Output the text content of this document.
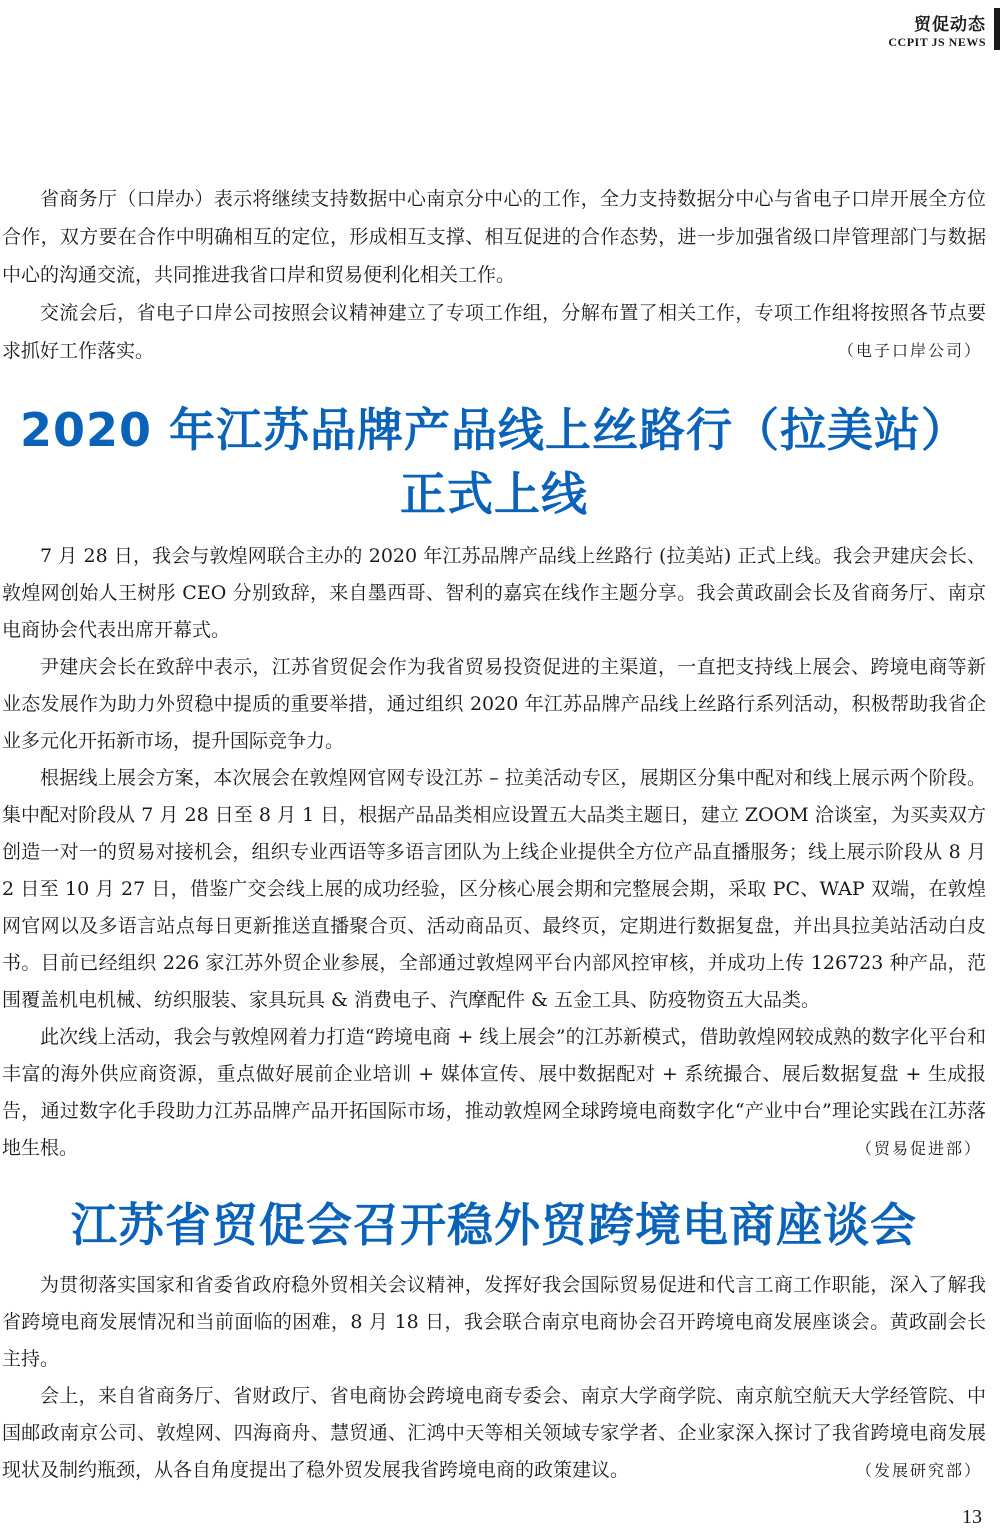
贸促动态
CCPIT JS NEWS

省商务厅（口岸办）表示将继续支持数据中心南京分中心的工作，全力支持数据分中心与省电子口岸开展全方位合作，双方要在合作中明确相互的定位，形成相互支撑、相互促进的合作态势，进一步加强省级口岸管理部门与数据中心的沟通交流，共同推进我省口岸和贸易便利化相关工作。

交流会后，省电子口岸公司按照会议精神建立了专项工作组，分解布置了相关工作，专项工作组将按照各节点要求抓好工作落实。	（电子口岸公司）

2020 年江苏品牌产品线上丝路行（拉美站）正式上线

7 月 28 日，我会与敦煌网联合主办的 2020 年江苏品牌产品线上丝路行 (拉美站) 正式上线。我会尹建庆会长、敦煌网创始人王树彤 CEO 分别致辞，来自墨西哥、智利的嘉宾在线作主题分享。我会黄政副会长及省商务厅、南京电商协会代表出席开幕式。

尹建庆会长在致辞中表示，江苏省贸促会作为我省贸易投资促进的主渠道，一直把支持线上展会、跨境电商等新业态发展作为助力外贸稳中提质的重要举措，通过组织 2020 年江苏品牌产品线上丝路行系列活动，积极帮助我省企业多元化开拓新市场，提升国际竞争力。

根据线上展会方案，本次展会在敦煌网官网专设江苏 – 拉美活动专区，展期区分集中配对和线上展示两个阶段。集中配对阶段从 7 月 28 日至 8 月 1 日，根据产品品类相应设置五大品类主题日，建立 ZOOM 洽谈室，为买卖双方创造一对一的贸易对接机会，组织专业西语等多语言团队为上线企业提供全方位产品直播服务；线上展示阶段从 8 月 2 日至 10 月 27 日，借鉴广交会线上展的成功经验，区分核心展会期和完整展会期，采取 PC、WAP 双端，在敦煌网官网以及多语言站点每日更新推送直播聚合页、活动商品页、最终页，定期进行数据复盘，并出具拉美站活动白皮书。目前已经组织 226 家江苏外贸企业参展，全部通过敦煌网平台内部风控审核，并成功上传 126723 种产品，范围覆盖机电机械、纺织服装、家具玩具 & 消费电子、汽摩配件 & 五金工具、防疫物资五大品类。

此次线上活动，我会与敦煌网着力打造“跨境电商 + 线上展会”的江苏新模式，借助敦煌网较成熟的数字化平台和丰富的海外供应商资源，重点做好展前企业培训 + 媒体宣传、展中数据配对 + 系统撮合、展后数据复盘 + 生成报告，通过数字化手段助力江苏品牌产品开拓国际市场，推动敦煌网全球跨境电商数字化“产业中台”理论实践在江苏落地生根。	（贸易促进部）

江苏省贸促会召开稳外贸跨境电商座谈会

为贯彻落实国家和省委省政府稳外贸相关会议精神，发挥好我会国际贸易促进和代言工商工作职能，深入了解我省跨境电商发展情况和当前面临的困难，8 月 18 日，我会联合南京电商协会召开跨境电商发展座谈会。黄政副会长主持。

会上，来自省商务厅、省财政厅、省电商协会跨境电商专委会、南京大学商学院、南京航空航天大学经管院、中国邮政南京公司、敦煌网、四海商舟、慧贸通、汇鸿中天等相关领域专家学者、企业家深入探讨了我省跨境电商发展现状及制约瓶颈，从各自角度提出了稳外贸发展我省跨境电商的政策建议。	（发展研究部）

13
